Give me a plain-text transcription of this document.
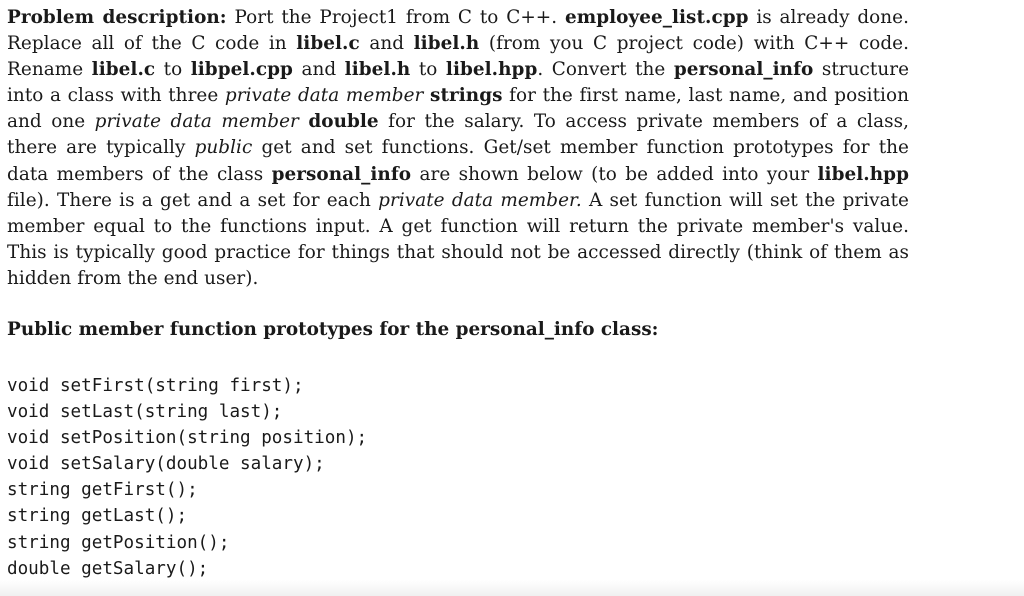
Problem description: Port the Project1 from C to C++. employee_list.cpp is already done. Replace all of the C code in libel.c and libel.h (from you C project code) with C++ code. Rename libel.c to libpel.cpp and libel.h to libel.hpp. Convert the personal_info structure into a class with three private data member strings for the first name, last name, and position and one private data member double for the salary. To access private members of a class, there are typically public get and set functions. Get/set member function prototypes for the data members of the class personal_info are shown below (to be added into your libel.hpp file). There is a get and a set for each private data member. A set function will set the private member equal to the functions input. A get function will return the private member's value. This is typically good practice for things that should not be accessed directly (think of them as hidden from the end user).

Public member function prototypes for the personal_info class:

void setFirst(string first);
void setLast(string last);
void setPosition(string position);
void setSalary(double salary);
string getFirst();
string getLast();
string getPosition();
double getSalary();
